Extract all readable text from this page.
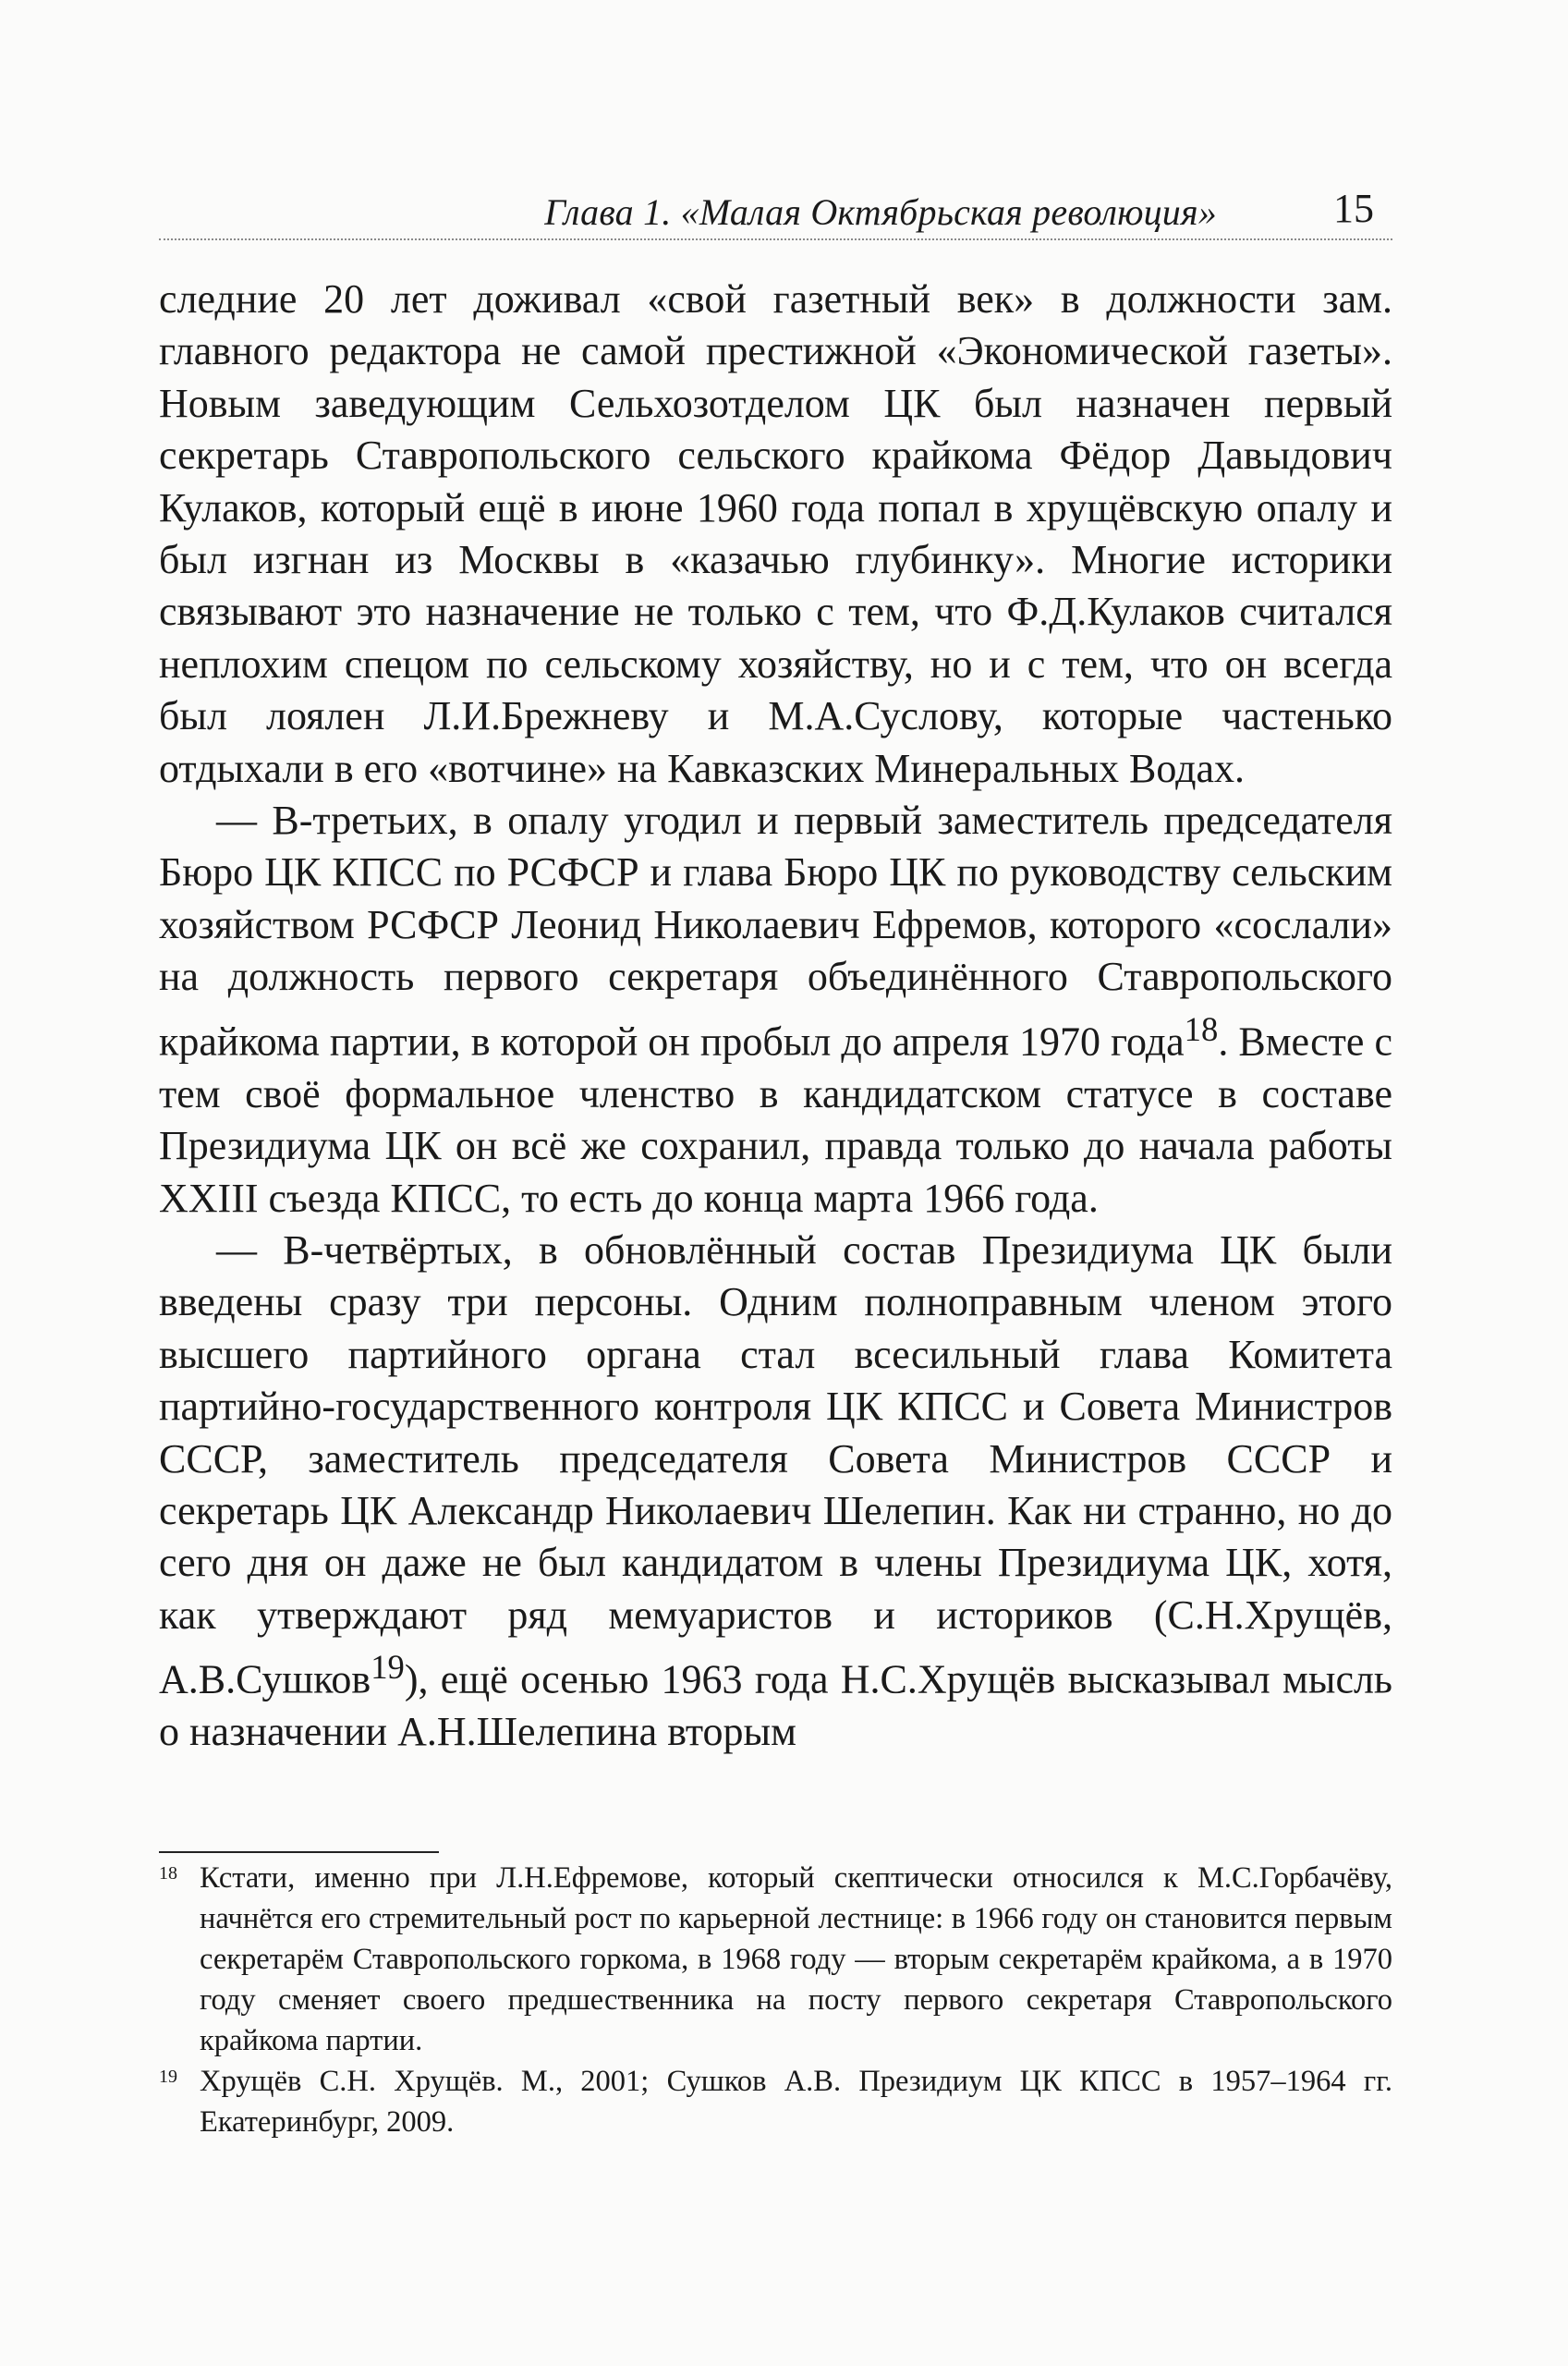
Глава 1. «Малая Октябрьская революция»	15

следние 20 лет доживал «свой газетный век» в должности зам. главного редактора не самой престижной «Экономической газеты». Новым заведующим Сельхозотделом ЦК был назначен первый секретарь Ставропольского сельского крайкома Фёдор Давыдович Кулаков, который ещё в июне 1960 года попал в хрущёвскую опалу и был изгнан из Москвы в «казачью глубинку». Многие историки связывают это назначение не только с тем, что Ф.Д.Кулаков считался неплохим спецом по сельскому хозяйству, но и с тем, что он всегда был лоялен Л.И.Брежневу и М.А.Суслову, которые частенько отдыхали в его «вотчине» на Кавказских Минеральных Водах.

— В-третьих, в опалу угодил и первый заместитель председателя Бюро ЦК КПСС по РСФСР и глава Бюро ЦК по руководству сельским хозяйством РСФСР Леонид Николаевич Ефремов, которого «сослали» на должность первого секретаря объединённого Ставропольского крайкома партии, в которой он пробыл до апреля 1970 года$^{18}$. Вместе с тем своё формальное членство в кандидатском статусе в составе Президиума ЦК он всё же сохранил, правда только до начала работы XXIII съезда КПСС, то есть до конца марта 1966 года.

— В-четвёртых, в обновлённый состав Президиума ЦК были введены сразу три персоны. Одним полноправным членом этого высшего партийного органа стал всесильный глава Комитета партийно-государственного контроля ЦК КПСС и Совета Министров СССР, заместитель председателя Совета Министров СССР и секретарь ЦК Александр Николаевич Шелепин. Как ни странно, но до сего дня он даже не был кандидатом в члены Президиума ЦК, хотя, как утверждают ряд мемуаристов и историков (С.Н.Хрущёв, А.В.Сушков$^{19}$), ещё осенью 1963 года Н.С.Хрущёв высказывал мысль о назначении А.Н.Шелепина вторым

18 Кстати, именно при Л.Н.Ефремове, который скептически относился к М.С.Горбачёву, начнётся его стремительный рост по карьерной лестнице: в 1966 году он становится первым секретарём Ставропольского горкома, в 1968 году — вторым секретарём крайкома, а в 1970 году сменяет своего предшественника на посту первого секретаря Ставропольского крайкома партии.

19 Хрущёв С.Н. Хрущёв. М., 2001; Сушков А.В. Президиум ЦК КПСС в 1957–1964 гг. Екатеринбург, 2009.
